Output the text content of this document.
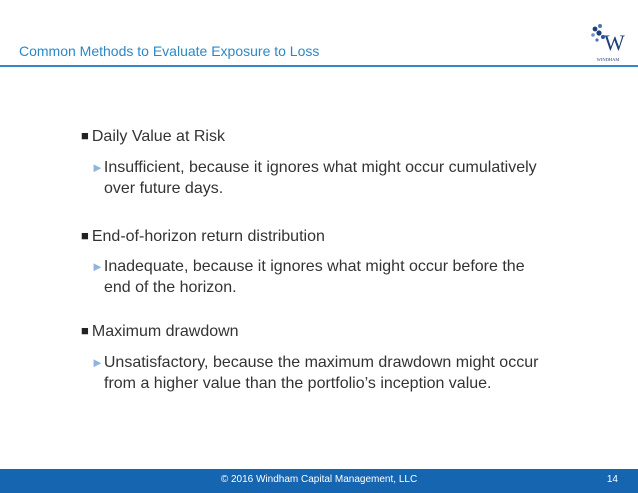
Common Methods to Evaluate Exposure to Loss	W
WINDHAM
■ Daily Value at Risk
►Insufficient, because it ignores what might occur cumulatively
over future days.
■ End-of-horizon return distribution
►Inadequate, because it ignores what might occur before the
end of the horizon.
■ Maximum drawdown
►Unsatisfactory, because the maximum drawdown might occur
from a higher value than the portfolio’s inception value.
© 2016 Windham Capital Management, LLC	14
